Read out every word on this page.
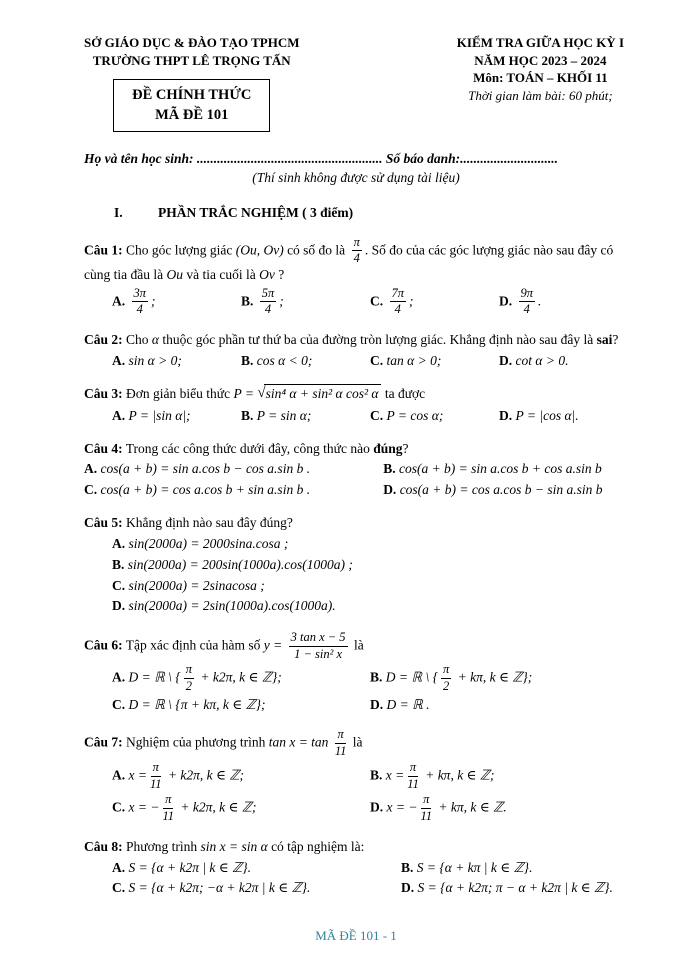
SỞ GIÁO DỤC & ĐÀO TẠO TPHCM
TRƯỜNG THPT LÊ TRỌNG TẤN
ĐỀ CHÍNH THỨC
MÃ ĐỀ 101
KIỂM TRA GIỮA HỌC KỲ I
NĂM HỌC 2023 – 2024
Môn: TOÁN – KHỐI 11
Thời gian làm bài: 60 phút;

Họ và tên học sinh: ....................................................... Số báo danh:.............................

(Thí sinh không được sử dụng tài liệu)

I.	PHẦN TRẮC NGHIỆM ( 3 điểm)

Câu 1: Cho góc lượng giác (Ou, Ov) có số đo là $\frac{\pi}{4}$ . Số đo của các góc lượng giác nào sau đây có cùng tia đầu là Ou và tia cuối là Ov ?

A. $\frac{3\pi}{4}$ ;	B. $\frac{5\pi}{4}$ ;	C. $\frac{7\pi}{4}$ ;	D. $\frac{9\pi}{4}$ .

Câu 2: Cho α thuộc góc phần tư thứ ba của đường tròn lượng giác. Khẳng định nào sau đây là sai?

A. sin α > 0;	B. cos α < 0;	C. tan α > 0;	D. cot α > 0.

Câu 3: Đơn giản biểu thức P = √sin⁴ α + sin² α cos² α ta được

A. P = |sin α|;	B. P = sin α;	C. P = cos α;	D. P = |cos α|.

Câu 4: Trong các công thức dưới đây, công thức nào đúng?

A. cos(a + b) = sin a.cos b − cos a.sin b .	B. cos(a + b) = sin a.cos b + cos a.sin b
C. cos(a + b) = cos a.cos b + sin a.sin b .	D. cos(a + b) = cos a.cos b − sin a.sin b

Câu 5: Khẳng định nào sau đây đúng?

A. sin(2000a) = 2000sina.cosa ;
B. sin(2000a) = 200sin(1000a).cos(1000a) ;
C. sin(2000a) = 2sinacosa ;
D. sin(2000a) = 2sin(1000a).cos(1000a).

Câu 6: Tập xác định của hàm số $y = \frac{\text{3 tan x − 5}}{\text{1 − sin² x}}$ là

A. D = ℝ \ { $\frac{\pi}{2} + k2\pi$, k ∈ ℤ};	B. D = ℝ \ { $\frac{\pi}{2} + k\pi$, k ∈ ℤ};
C. D = ℝ \ {π + kπ, k ∈ ℤ};	D. D = ℝ .

Câu 7: Nghiệm của phương trình $\tan x = \tan \frac{\pi}{11}$ là

A. $x = \frac{\pi}{11} + k2\pi$, k ∈ ℤ;	B. $x = \frac{\pi}{11} + k\pi$, k ∈ ℤ;
C. x = − $\frac{\pi}{11} + k2\pi$, k ∈ ℤ;	D. x = − $\frac{\pi}{11} + k\pi$, k ∈ ℤ.

Câu 8: Phương trình sin x = sin α có tập nghiệm là:

A. S = {α + k2π | k ∈ ℤ}.	B. S = {α + kπ | k ∈ ℤ}.
C. S = {α + k2π; −α + k2π | k ∈ ℤ}.	D. S = {α + k2π; π − α + k2π | k ∈ ℤ}.
MÃ ĐỀ 101 - 1
